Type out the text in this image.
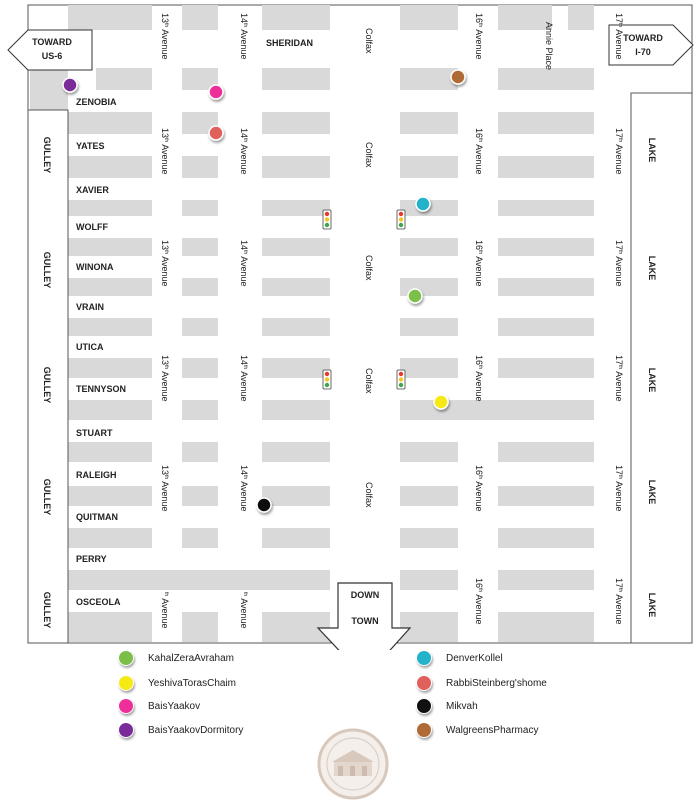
TOWARD
US-6
TOWARD
I-70
DOWN
TOWN
ZENOBIA
YATES
XAVIER
WOLFF
WINONA
VRAIN
UTICA
TENNYSON
STUART
RALEIGH
QUITMAN
PERRY
OSCEOLA
SHERIDAN
GULLEY
GULLEY
GULLEY
GULLEY
GULLEY
LAKE
LAKE
LAKE
LAKE
LAKE
Colfax
Colfax
Colfax
Colfax
Colfax
Annie Place
13th Avenue
13th Avenue
13th Avenue
13th Avenue
13th Avenue
$^{th}$ Avenue
14th Avenue
14th Avenue
14th Avenue
14th Avenue
14th Avenue
$^{th}$ Avenue
16th Avenue
16th Avenue
16th Avenue
16th Avenue
16th Avenue
16th Avenue
17th Avenue
17th Avenue
17th Avenue
17th Avenue
17th Avenue
17th Avenue
KahalZeraAvraham
YeshivaTorasChaim
BaisYaakov
BaisYaakovDormitory
DenverKollel
RabbiSteinberg'shome
Mikvah
WalgreensPharmacy
